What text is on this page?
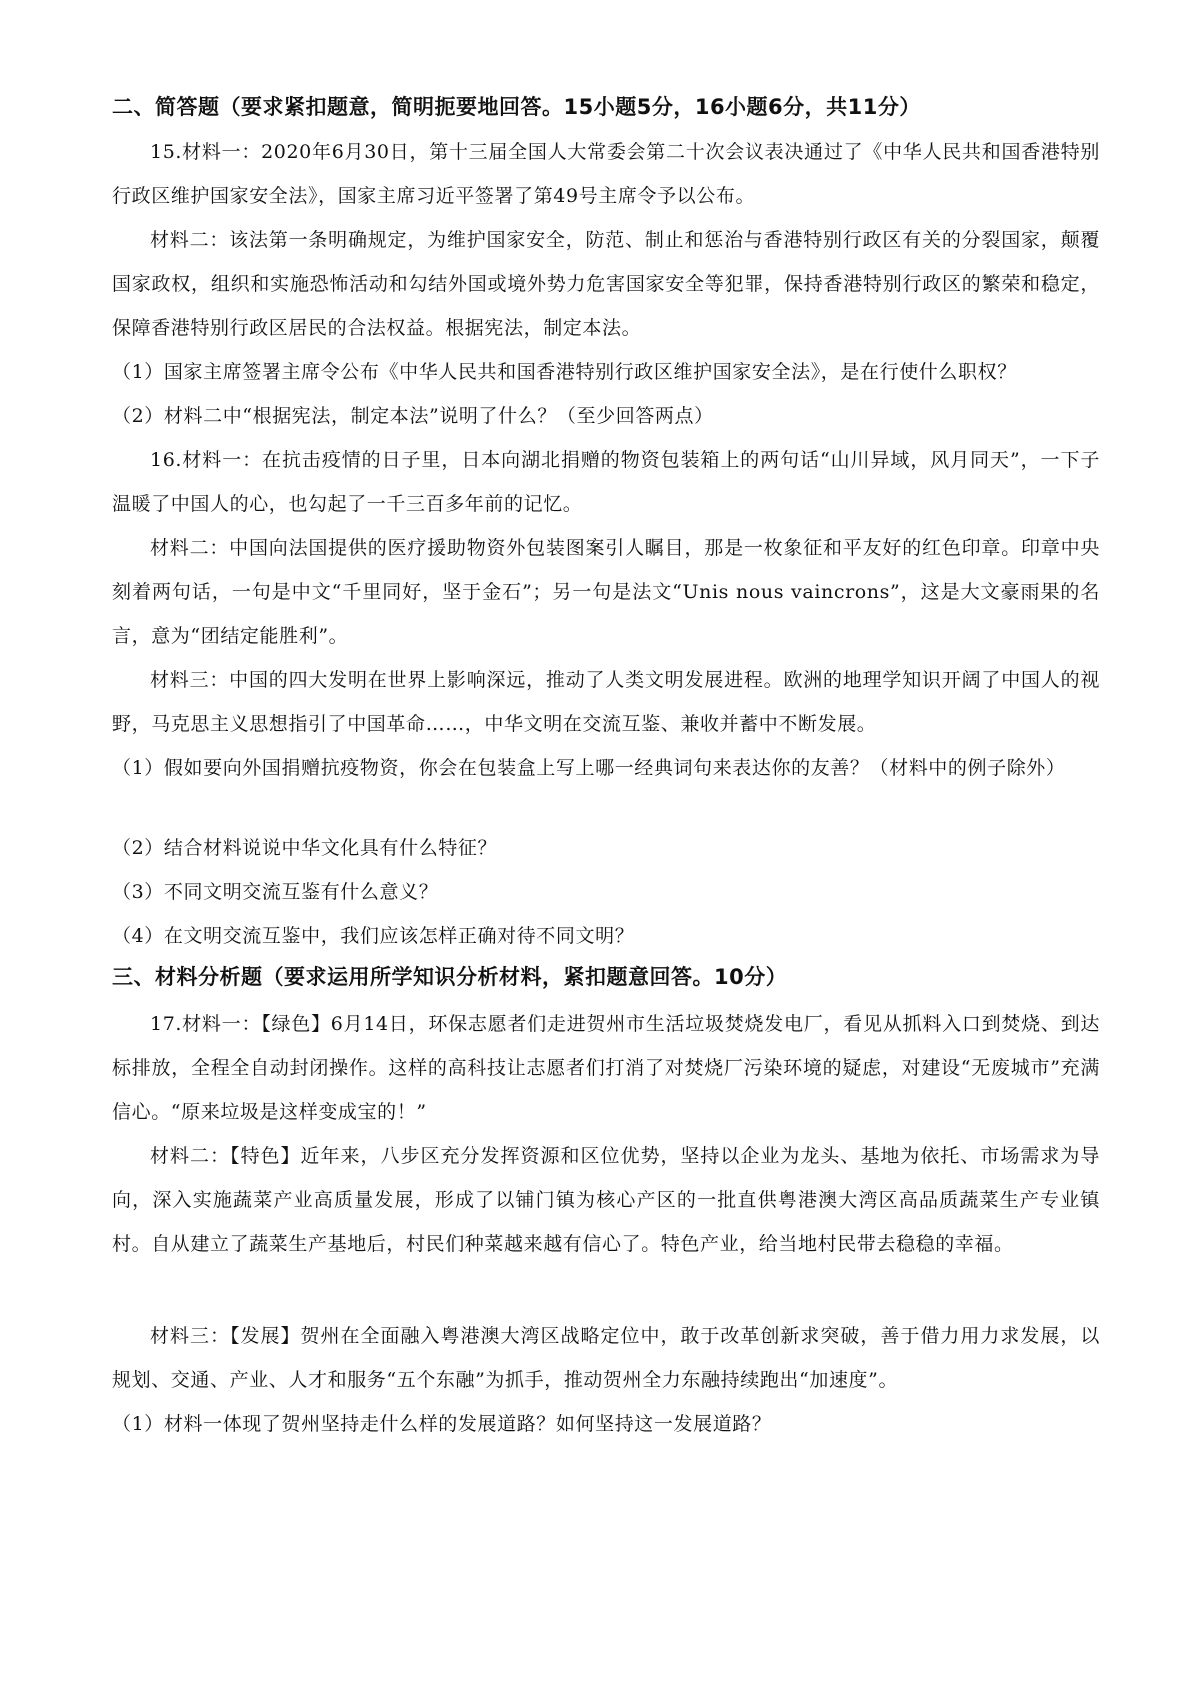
二、简答题（要求紧扣题意，简明扼要地回答。15小题5分，16小题6分，共11分）
15.材料一：2020年6月30日，第十三届全国人大常委会第二十次会议表决通过了《中华人民共和国香港特别行政区维护国家安全法》，国家主席习近平签署了第49号主席令予以公布。
材料二：该法第一条明确规定，为维护国家安全，防范、制止和惩治与香港特别行政区有关的分裂国家，颠覆国家政权，组织和实施恐怖活动和勾结外国或境外势力危害国家安全等犯罪，保持香港特别行政区的繁荣和稳定，保障香港特别行政区居民的合法权益。根据宪法，制定本法。
（1）国家主席签署主席令公布《中华人民共和国香港特别行政区维护国家安全法》，是在行使什么职权？
（2）材料二中“根据宪法，制定本法”说明了什么？（至少回答两点）
16.材料一：在抗击疫情的日子里，日本向湖北捐赠的物资包装箱上的两句话“山川异域，风月同天”，一下子温暖了中国人的心，也勾起了一千三百多年前的记忆。
材料二：中国向法国提供的医疗援助物资外包装图案引人瞩目，那是一枚象征和平友好的红色印章。印章中央刻着两句话，一句是中文“千里同好，坚于金石”；另一句是法文“Unis nous vaincrons”，这是大文豪雨果的名言，意为“团结定能胜利”。
材料三：中国的四大发明在世界上影响深远，推动了人类文明发展进程。欧洲的地理学知识开阔了中国人的视野，马克思主义思想指引了中国革命……，中华文明在交流互鉴、兼收并蓄中不断发展。
（1）假如要向外国捐赠抗疫物资，你会在包装盒上写上哪一经典词句来表达你的友善？（材料中的例子除外）
（2）结合材料说说中华文化具有什么特征？
（3）不同文明交流互鉴有什么意义？
（4）在文明交流互鉴中，我们应该怎样正确对待不同文明？
三、材料分析题（要求运用所学知识分析材料，紧扣题意回答。10分）
17.材料一：【绿色】6月14日，环保志愿者们走进贺州市生活垃圾焚烧发电厂，看见从抓料入口到焚烧、到达标排放，全程全自动封闭操作。这样的高科技让志愿者们打消了对焚烧厂污染环境的疑虑，对建设“无废城市”充满信心。“原来垃圾是这样变成宝的！”
材料二：【特色】近年来，八步区充分发挥资源和区位优势，坚持以企业为龙头、基地为依托、市场需求为导向，深入实施蔬菜产业高质量发展，形成了以铺门镇为核心产区的一批直供粤港澳大湾区高品质蔬菜生产专业镇村。自从建立了蔬菜生产基地后，村民们种菜越来越有信心了。特色产业，给当地村民带去稳稳的幸福。
材料三：【发展】贺州在全面融入粤港澳大湾区战略定位中，敢于改革创新求突破，善于借力用力求发展，以规划、交通、产业、人才和服务“五个东融”为抓手，推动贺州全力东融持续跑出“加速度”。
（1）材料一体现了贺州坚持走什么样的发展道路？如何坚持这一发展道路？
